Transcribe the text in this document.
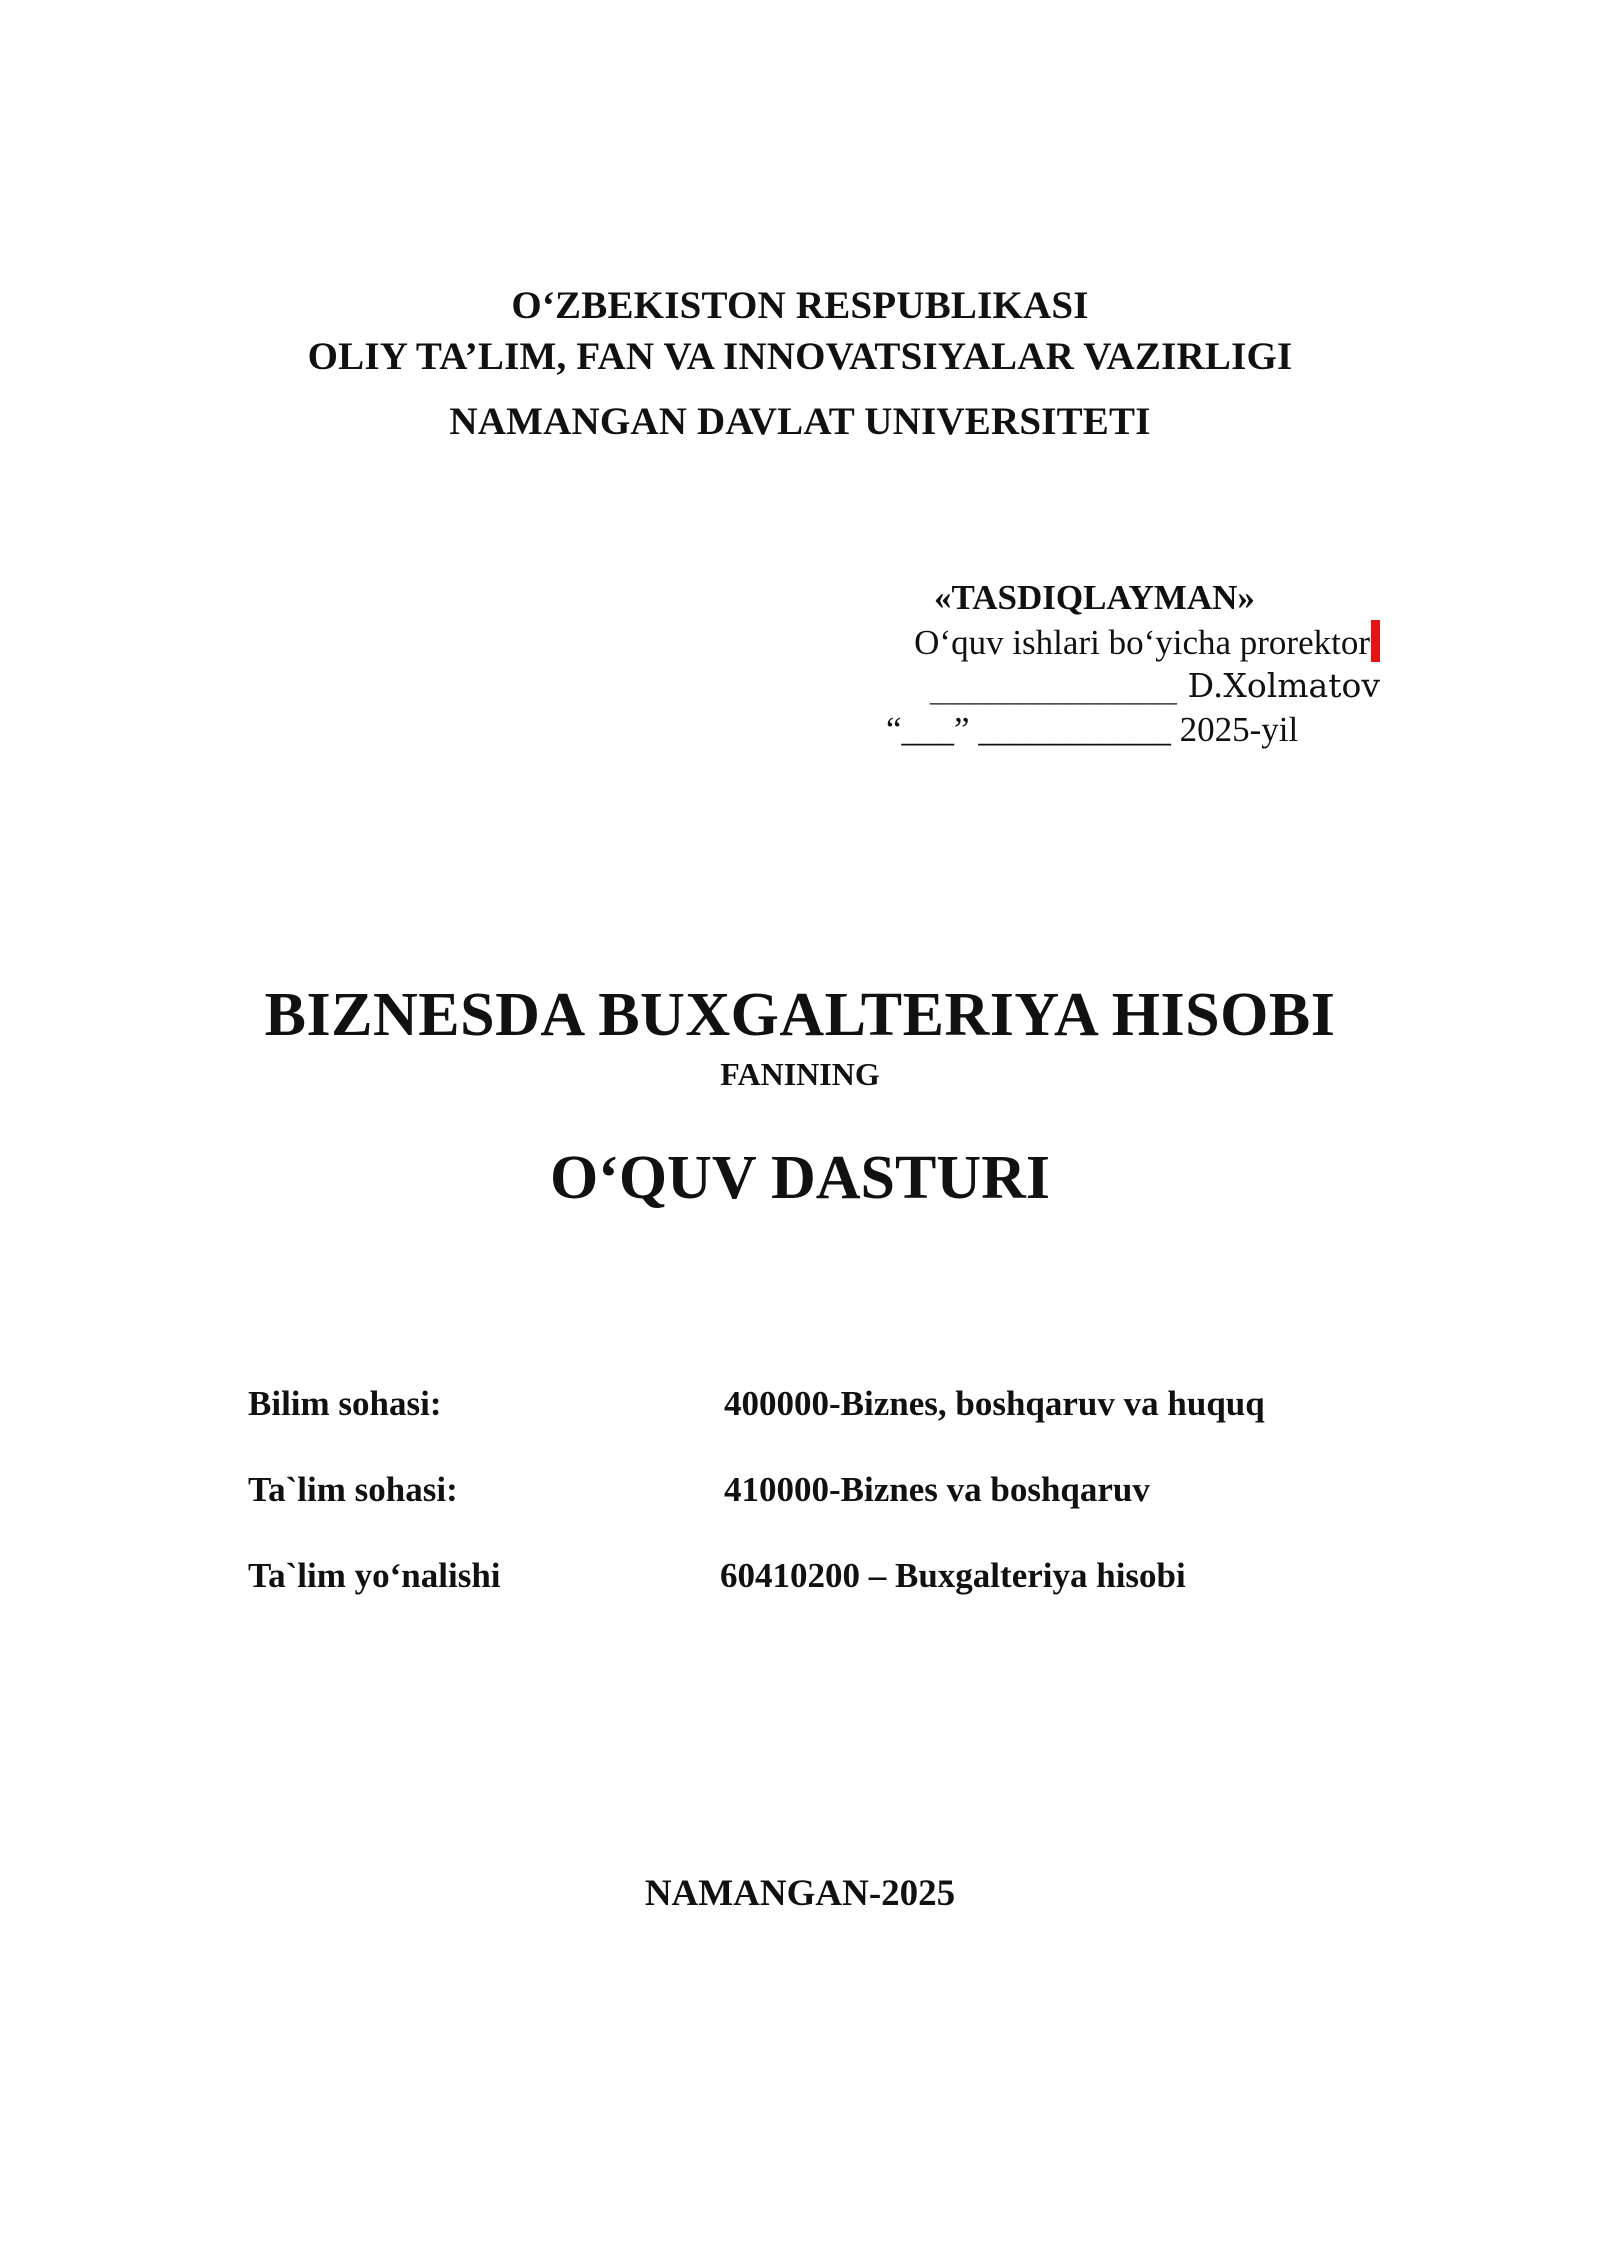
O‘ZBEKISTON RESPUBLIKASI
OLIY TA’LIM, FAN VA INNOVATSIYALAR VAZIRLIGI
NAMANGAN DAVLAT UNIVERSITETI
«TASDIQLAYMAN»
O‘quv ishlari bo‘yicha prorektor
_______________ D.Xolmatov
“___” ___________ 2025-yil
BIZNESDA BUXGALTERIYA HISOBI
FANINING
O‘QUV DASTURI
Bilim sohasi:	400000-Biznes, boshqaruv va huquq
Ta`lim sohasi:	410000-Biznes va boshqaruv
Ta`lim yo‘nalishi	60410200 – Buxgalteriya hisobi
NAMANGAN-2025
